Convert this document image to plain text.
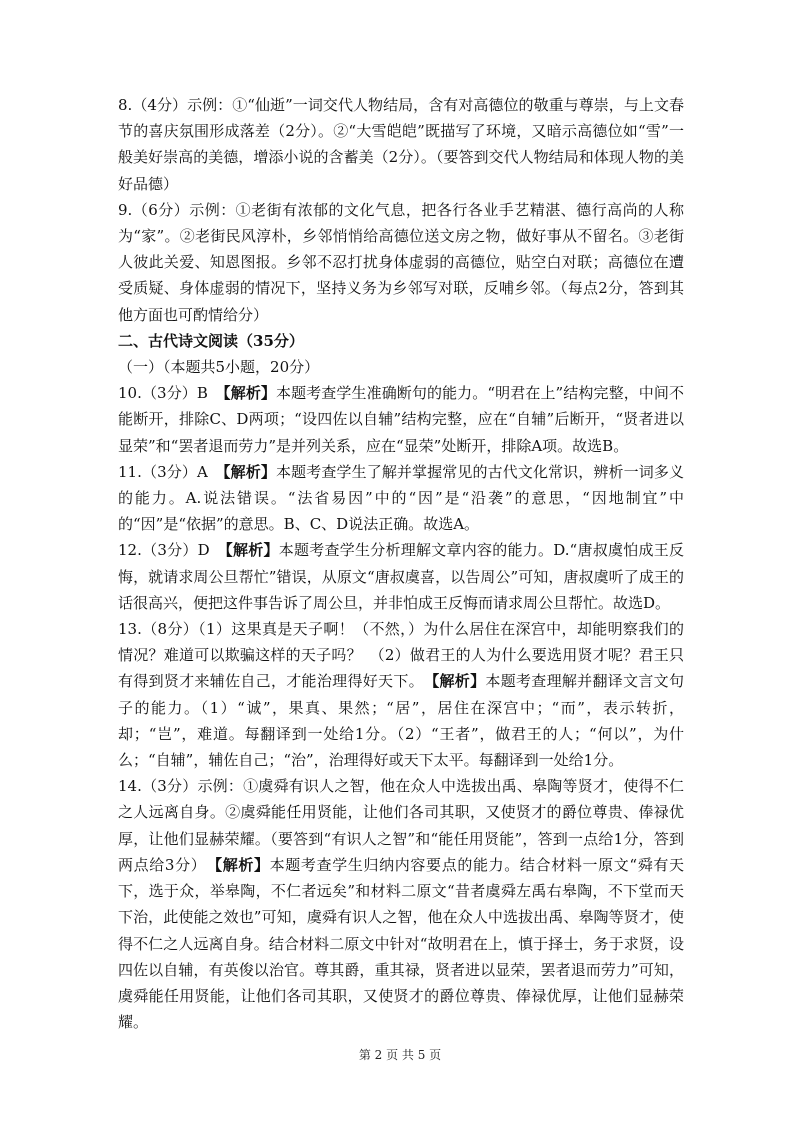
8.（4分）示例：①“仙逝”一词交代人物结局，含有对高德位的敬重与尊崇，与上文春节的喜庆氛围形成落差（2分）。②“大雪皑皑”既描写了环境，又暗示高德位如“雪”一般美好崇高的美德，增添小说的含蓄美（2分）。（要答到交代人物结局和体现人物的美好品德）

9.（6分）示例：①老街有浓郁的文化气息，把各行各业手艺精湛、德行高尚的人称为“家”。②老街民风淳朴，乡邻悄悄给高德位送文房之物，做好事从不留名。③老街人彼此关爱、知恩图报。乡邻不忍打扰身体虚弱的高德位，贴空白对联；高德位在遭受质疑、身体虚弱的情况下，坚持义务为乡邻写对联，反哺乡邻。（每点2分，答到其他方面也可酌情给分）

二、古代诗文阅读（35分）

（一）（本题共5小题，20分）

10.（3分）B　 【解析】本题考查学生准确断句的能力。“明君在上”结构完整，中间不能断开，排除C、D两项；“设四佐以自辅”结构完整，应在“自辅”后断开，“贤者进以显荣”和“罢者退而劳力”是并列关系，应在“显荣”处断开，排除A项。故选B。

11.（3分）A　 【解析】本题考查学生了解并掌握常见的古代文化常识，辨析一词多义的能力。A.说法错误。“法省易因”中的“因”是“沿袭”的意思，“因地制宜”中的“因”是“依据”的意思。B、C、D说法正确。故选A。

12.（3分）D　 【解析】本题考查学生分析理解文章内容的能力。D.“唐叔虞怕成王反悔，就请求周公旦帮忙”错误，从原文“唐叔虞喜，以告周公”可知，唐叔虞听了成王的话很高兴，便把这件事告诉了周公旦，并非怕成王反悔而请求周公旦帮忙。故选D。

13.（8分）（1）这果真是天子啊！（不然，）为什么居住在深宫中，却能明察我们的情况？难道可以欺骗这样的天子吗？　（2）做君王的人为什么要选用贤才呢？君王只有得到贤才来辅佐自己，才能治理得好天下。　【解析】本题考查理解并翻译文言文句子的能力。（1）“诚”，果真、果然；“居”，居住在深宫中；“而”，表示转折，却；“岂”，难道。每翻译到一处给1分。（2）“王者”，做君王的人；“何以”，为什么；“自辅”，辅佐自己；“治”，治理得好或天下太平。每翻译到一处给1分。

14.（3分）示例：①虞舜有识人之智，他在众人中选拔出禹、皋陶等贤才，使得不仁之人远离自身。②虞舜能任用贤能，让他们各司其职，又使贤才的爵位尊贵、俸禄优厚，让他们显赫荣耀。（要答到“有识人之智”和“能任用贤能”，答到一点给1分，答到两点给3分）　 【解析】本题考查学生归纳内容要点的能力。结合材料一原文“舜有天下，选于众，举皋陶，不仁者远矣”和材料二原文“昔者虞舜左禹右皋陶，不下堂而天下治，此使能之效也”可知，虞舜有识人之智，他在众人中选拔出禹、皋陶等贤才，使得不仁之人远离自身。结合材料二原文中针对“故明君在上，慎于择士，务于求贤，设四佐以自辅，有英俊以治官。尊其爵，重其禄，贤者进以显荣，罢者退而劳力”可知，虞舜能任用贤能，让他们各司其职，又使贤才的爵位尊贵、俸禄优厚，让他们显赫荣耀。

第 2 页 共 5 页
